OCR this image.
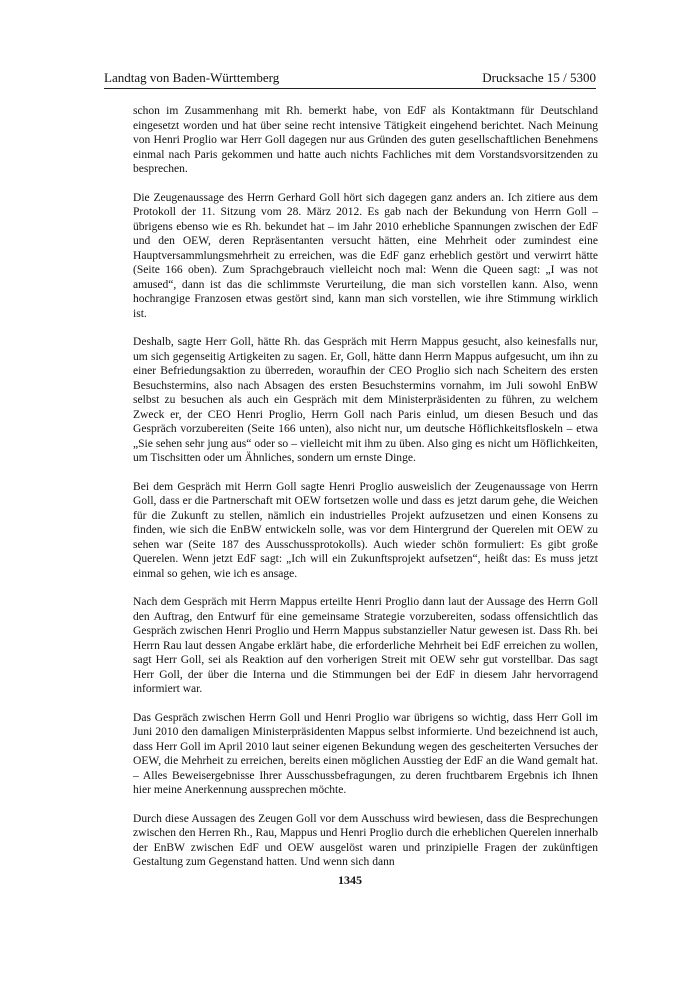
Landtag von Baden-Württemberg	Drucksache 15 / 5300

schon im Zusammenhang mit Rh. bemerkt habe, von EdF als Kontaktmann für Deutschland eingesetzt worden und hat über seine recht intensive Tätigkeit eingehend berichtet. Nach Meinung von Henri Proglio war Herr Goll dagegen nur aus Gründen des guten gesellschaftlichen Benehmens einmal nach Paris gekommen und hatte auch nichts Fachliches mit dem Vorstandsvorsitzenden zu besprechen.

Die Zeugenaussage des Herrn Gerhard Goll hört sich dagegen ganz anders an. Ich zitiere aus dem Protokoll der 11. Sitzung vom 28. März 2012. Es gab nach der Bekundung von Herrn Goll – übrigens ebenso wie es Rh. bekundet hat – im Jahr 2010 erhebliche Spannungen zwischen der EdF und den OEW, deren Repräsentanten versucht hätten, eine Mehrheit oder zumindest eine Hauptversammlungsmehrheit zu erreichen, was die EdF ganz erheblich gestört und verwirrt hätte (Seite 166 oben). Zum Sprachgebrauch vielleicht noch mal: Wenn die Queen sagt: „I was not amused“, dann ist das die schlimmste Verurteilung, die man sich vorstellen kann. Also, wenn hochrangige Franzosen etwas gestört sind, kann man sich vorstellen, wie ihre Stimmung wirklich ist.

Deshalb, sagte Herr Goll, hätte Rh. das Gespräch mit Herrn Mappus gesucht, also keinesfalls nur, um sich gegenseitig Artigkeiten zu sagen. Er, Goll, hätte dann Herrn Mappus aufgesucht, um ihn zu einer Befriedungsaktion zu überreden, woraufhin der CEO Proglio sich nach Scheitern des ersten Besuchstermins, also nach Absagen des ersten Besuchstermins vornahm, im Juli sowohl EnBW selbst zu besuchen als auch ein Gespräch mit dem Ministerpräsidenten zu führen, zu welchem Zweck er, der CEO Henri Proglio, Herrn Goll nach Paris einlud, um diesen Besuch und das Gespräch vorzubereiten (Seite 166 unten), also nicht nur, um deutsche Höflichkeitsfloskeln – etwa „Sie sehen sehr jung aus“ oder so – vielleicht mit ihm zu üben. Also ging es nicht um Höflichkeiten, um Tischsitten oder um Ähnliches, sondern um ernste Dinge.

Bei dem Gespräch mit Herrn Goll sagte Henri Proglio ausweislich der Zeugenaussage von Herrn Goll, dass er die Partnerschaft mit OEW fortsetzen wolle und dass es jetzt darum gehe, die Weichen für die Zukunft zu stellen, nämlich ein industrielles Projekt aufzusetzen und einen Konsens zu finden, wie sich die EnBW entwickeln solle, was vor dem Hintergrund der Querelen mit OEW zu sehen war (Seite 187 des Ausschussprotokolls). Auch wieder schön formuliert: Es gibt große Querelen. Wenn jetzt EdF sagt: „Ich will ein Zukunftsprojekt aufsetzen“, heißt das: Es muss jetzt einmal so gehen, wie ich es ansage.

Nach dem Gespräch mit Herrn Mappus erteilte Henri Proglio dann laut der Aussage des Herrn Goll den Auftrag, den Entwurf für eine gemeinsame Strategie vorzubereiten, sodass offensichtlich das Gespräch zwischen Henri Proglio und Herrn Mappus substanzieller Natur gewesen ist. Dass Rh. bei Herrn Rau laut dessen Angabe erklärt habe, die erforderliche Mehrheit bei EdF erreichen zu wollen, sagt Herr Goll, sei als Reaktion auf den vorherigen Streit mit OEW sehr gut vorstellbar. Das sagt Herr Goll, der über die Interna und die Stimmungen bei der EdF in diesem Jahr hervorragend informiert war.

Das Gespräch zwischen Herrn Goll und Henri Proglio war übrigens so wichtig, dass Herr Goll im Juni 2010 den damaligen Ministerpräsidenten Mappus selbst informierte. Und bezeichnend ist auch, dass Herr Goll im April 2010 laut seiner eigenen Bekundung wegen des gescheiterten Versuches der OEW, die Mehrheit zu erreichen, bereits einen möglichen Ausstieg der EdF an die Wand gemalt hat. – Alles Beweisergebnisse Ihrer Ausschussbefragungen, zu deren fruchtbarem Ergebnis ich Ihnen hier meine Anerkennung aussprechen möchte.

Durch diese Aussagen des Zeugen Goll vor dem Ausschuss wird bewiesen, dass die Besprechungen zwischen den Herren Rh., Rau, Mappus und Henri Proglio durch die erheblichen Querelen innerhalb der EnBW zwischen EdF und OEW ausgelöst waren und prinzipielle Fragen der zukünftigen Gestaltung zum Gegenstand hatten. Und wenn sich dann

1345
